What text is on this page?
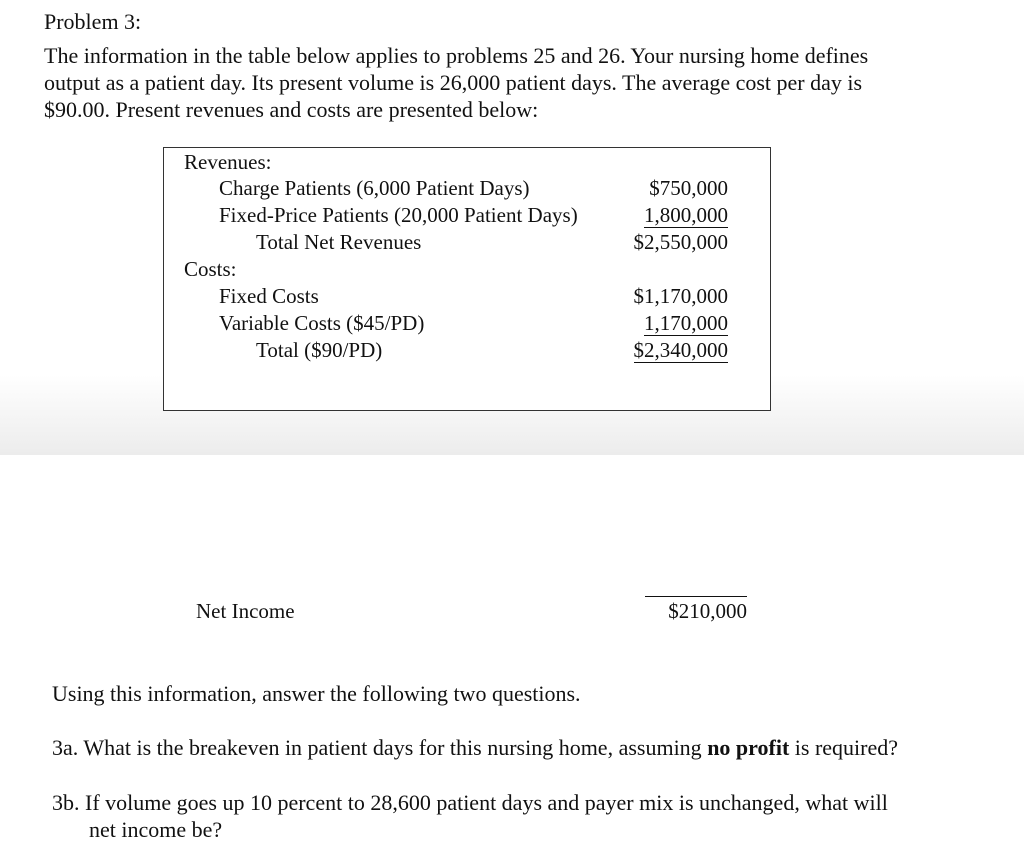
Problem 3:
The information in the table below applies to problems 25 and 26. Your nursing home defines
output as a patient day. Its present volume is 26,000 patient days. The average cost per day is
$90.00. Present revenues and costs are presented below:
Revenues:
Charge Patients (6,000 Patient Days)	$750,000
Fixed-Price Patients (20,000 Patient Days)	1,800,000
Total Net Revenues	$2,550,000
Costs:
Fixed Costs	$1,170,000
Variable Costs ($45/PD)	1,170,000
Total ($90/PD)	$2,340,000
Net Income	$210,000
Using this information, answer the following two questions.
3a. What is the breakeven in patient days for this nursing home, assuming no profit is required?
3b. If volume goes up 10 percent to 28,600 patient days and payer mix is unchanged, what will
net income be?
